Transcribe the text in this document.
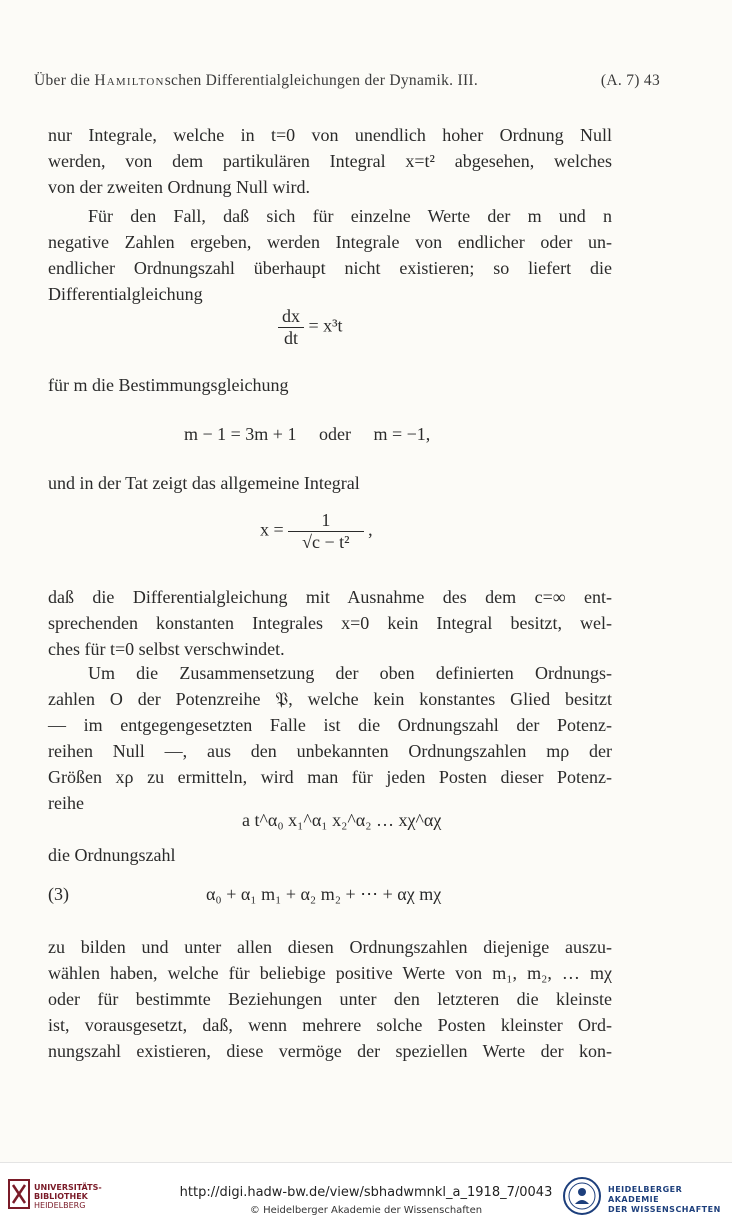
Über die Hamiltonschen Differentialgleichungen der Dynamik. III.	(A. 7) 43
nur Integrale, welche in t=0 von unendlich hoher Ordnung Null
werden, von dem partikulären Integral x=t² abgesehen, welches
von der zweiten Ordnung Null wird.
Für den Fall, daß sich für einzelne Werte der m und n
negative Zahlen ergeben, werden Integrale von endlicher oder un-
endlicher Ordnungszahl überhaupt nicht existieren; so liefert die
Differentialgleichung
$\frac{dx}{dt} = x^3t$
für m die Bestimmungsgleichung
m − 1 = 3m + 1     oder     m = −1,
und in der Tat zeigt das allgemeine Integral
$x = \frac{1}{\text{√c − t²}}$ ,
daß die Differentialgleichung mit Ausnahme des dem c=∞ ent-
sprechenden konstanten Integrales x=0 kein Integral besitzt, wel-
ches für t=0 selbst verschwindet.
Um die Zusammensetzung der oben definierten Ordnungs-
zahlen O der Potenzreihe 𝔓, welche kein konstantes Glied besitzt
— im entgegengesetzten Falle ist die Ordnungszahl der Potenz-
reihen Null —, aus den unbekannten Ordnungszahlen mρ der
Größen xρ zu ermitteln, wird man für jeden Posten dieser Potenz-
reihe
a t^α₀ x₁^α₁ x₂^α₂ … xχ^αχ
die Ordnungszahl
(3)	α₀ + α₁ m₁ + α₂ m₂ + ⋯ + αχ mχ
zu bilden und unter allen diesen Ordnungszahlen diejenige auszu-
wählen haben, welche für beliebige positive Werte von m₁, m₂, … mχ
oder für bestimmte Beziehungen unter den letzteren die kleinste
ist, vorausgesetzt, daß, wenn mehrere solche Posten kleinster Ord-
nungszahl existieren, diese vermöge der speziellen Werte der kon-
UNIVERSITÄTS-
BIBLIOTHEK
HEIDELBERG
http://digi.hadw-bw.de/view/sbhadwmnkl_a_1918_7/0043
© Heidelberger Akademie der Wissenschaften
HEIDELBERGER AKADEMIE
DER WISSENSCHAFTEN
